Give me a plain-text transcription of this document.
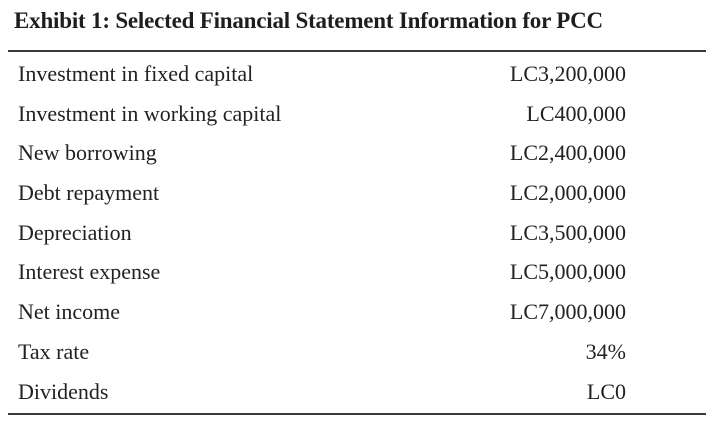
Exhibit 1: Selected Financial Statement Information for PCC
Investment in fixed capital	LC3,200,000
Investment in working capital	LC400,000
New borrowing	LC2,400,000
Debt repayment	LC2,000,000
Depreciation	LC3,500,000
Interest expense	LC5,000,000
Net income	LC7,000,000
Tax rate	34%
Dividends	LC0
